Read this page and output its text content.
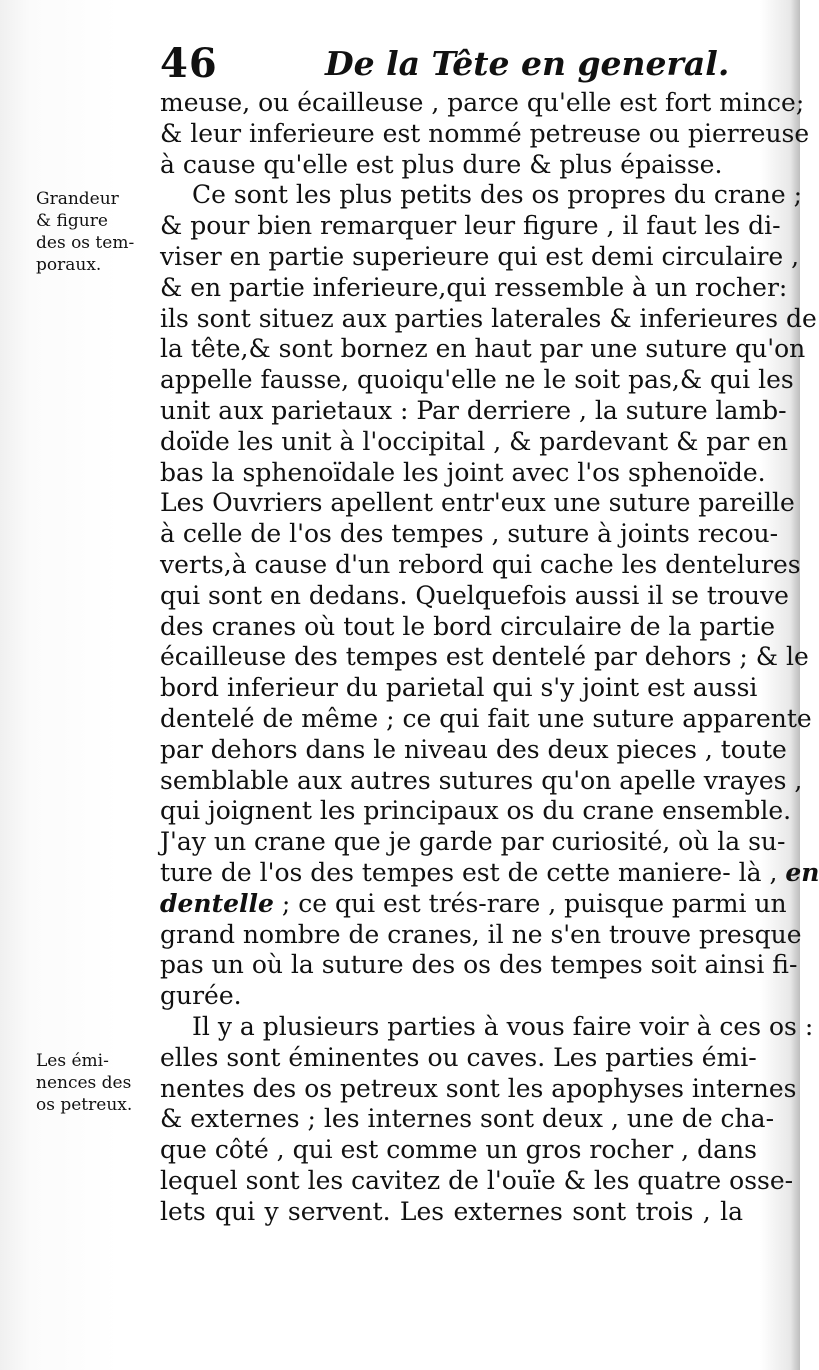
46	De la Tête en general.
Grandeur
& figure
des os tem-
poraux.
Les émi-
nences des
os petreux.
meuse, ou écailleuse , parce qu'elle est fort mince;
& leur inferieure est nommé petreuse ou pierreuse
à cause qu'elle est plus dure & plus épaisse.
Ce sont les plus petits des os propres du crane ;
& pour bien remarquer leur figure , il faut les di-
viser en partie superieure qui est demi circulaire ,
& en partie inferieure,qui ressemble à un rocher:
ils sont situez aux parties laterales & inferieures de
la tête,& sont bornez en haut par une suture qu'on
appelle fausse, quoiqu'elle ne le soit pas,& qui les
unit aux parietaux : Par derriere , la suture lamb-
doïde les unit à l'occipital , & pardevant & par en
bas la sphenoïdale les joint avec l'os sphenoïde.
Les Ouvriers apellent entr'eux une suture pareille
à celle de l'os des tempes , suture à joints recou-
verts,à cause d'un rebord qui cache les dentelures
qui sont en dedans. Quelquefois aussi il se trouve
des cranes où tout le bord circulaire de la partie
écailleuse des tempes est dentelé par dehors ; & le
bord inferieur du parietal qui s'y joint est aussi
dentelé de même ; ce qui fait une suture apparente
par dehors dans le niveau des deux pieces , toute
semblable aux autres sutures qu'on apelle vrayes ,
qui joignent les principaux os du crane ensemble.
J'ay un crane que je garde par curiosité, où la su-
ture de l'os des tempes est de cette maniere- là , en
dentelle ; ce qui est trés-rare , puisque parmi un
grand nombre de cranes, il ne s'en trouve presque
pas un où la suture des os des tempes soit ainsi fi-
gurée.
Il y a plusieurs parties à vous faire voir à ces os :
elles sont éminentes ou caves. Les parties émi-
nentes des os petreux sont les apophyses internes
& externes ; les internes sont deux , une de cha-
que côté , qui est comme un gros rocher , dans
lequel sont les cavitez de l'ouïe & les quatre osse-
lets qui y servent. Les externes sont trois , la
